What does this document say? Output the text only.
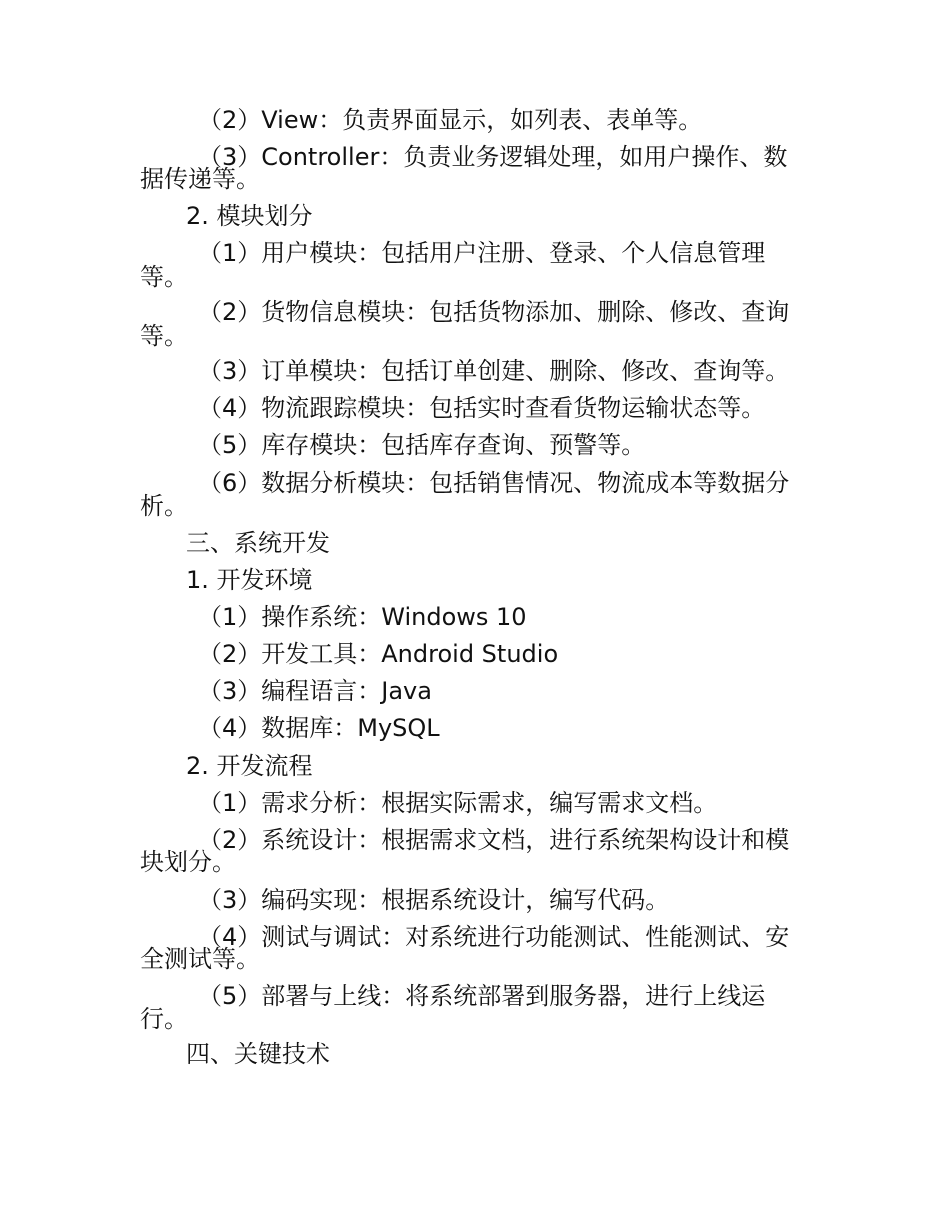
（2）View：负责界面显示，如列表、表单等。

（3）Controller：负责业务逻辑处理，如用户操作、数

据传递等。

2. 模块划分

（1）用户模块：包括用户注册、登录、个人信息管理

等。

（2）货物信息模块：包括货物添加、删除、修改、查询

等。

（3）订单模块：包括订单创建、删除、修改、查询等。

（4）物流跟踪模块：包括实时查看货物运输状态等。

（5）库存模块：包括库存查询、预警等。

（6）数据分析模块：包括销售情况、物流成本等数据分

析。

三、系统开发

1. 开发环境

（1）操作系统：Windows 10

（2）开发工具：Android Studio

（3）编程语言：Java

（4）数据库：MySQL

2. 开发流程

（1）需求分析：根据实际需求，编写需求文档。

（2）系统设计：根据需求文档，进行系统架构设计和模

块划分。

（3）编码实现：根据系统设计，编写代码。

（4）测试与调试：对系统进行功能测试、性能测试、安

全测试等。

（5）部署与上线：将系统部署到服务器，进行上线运

行。

四、关键技术
